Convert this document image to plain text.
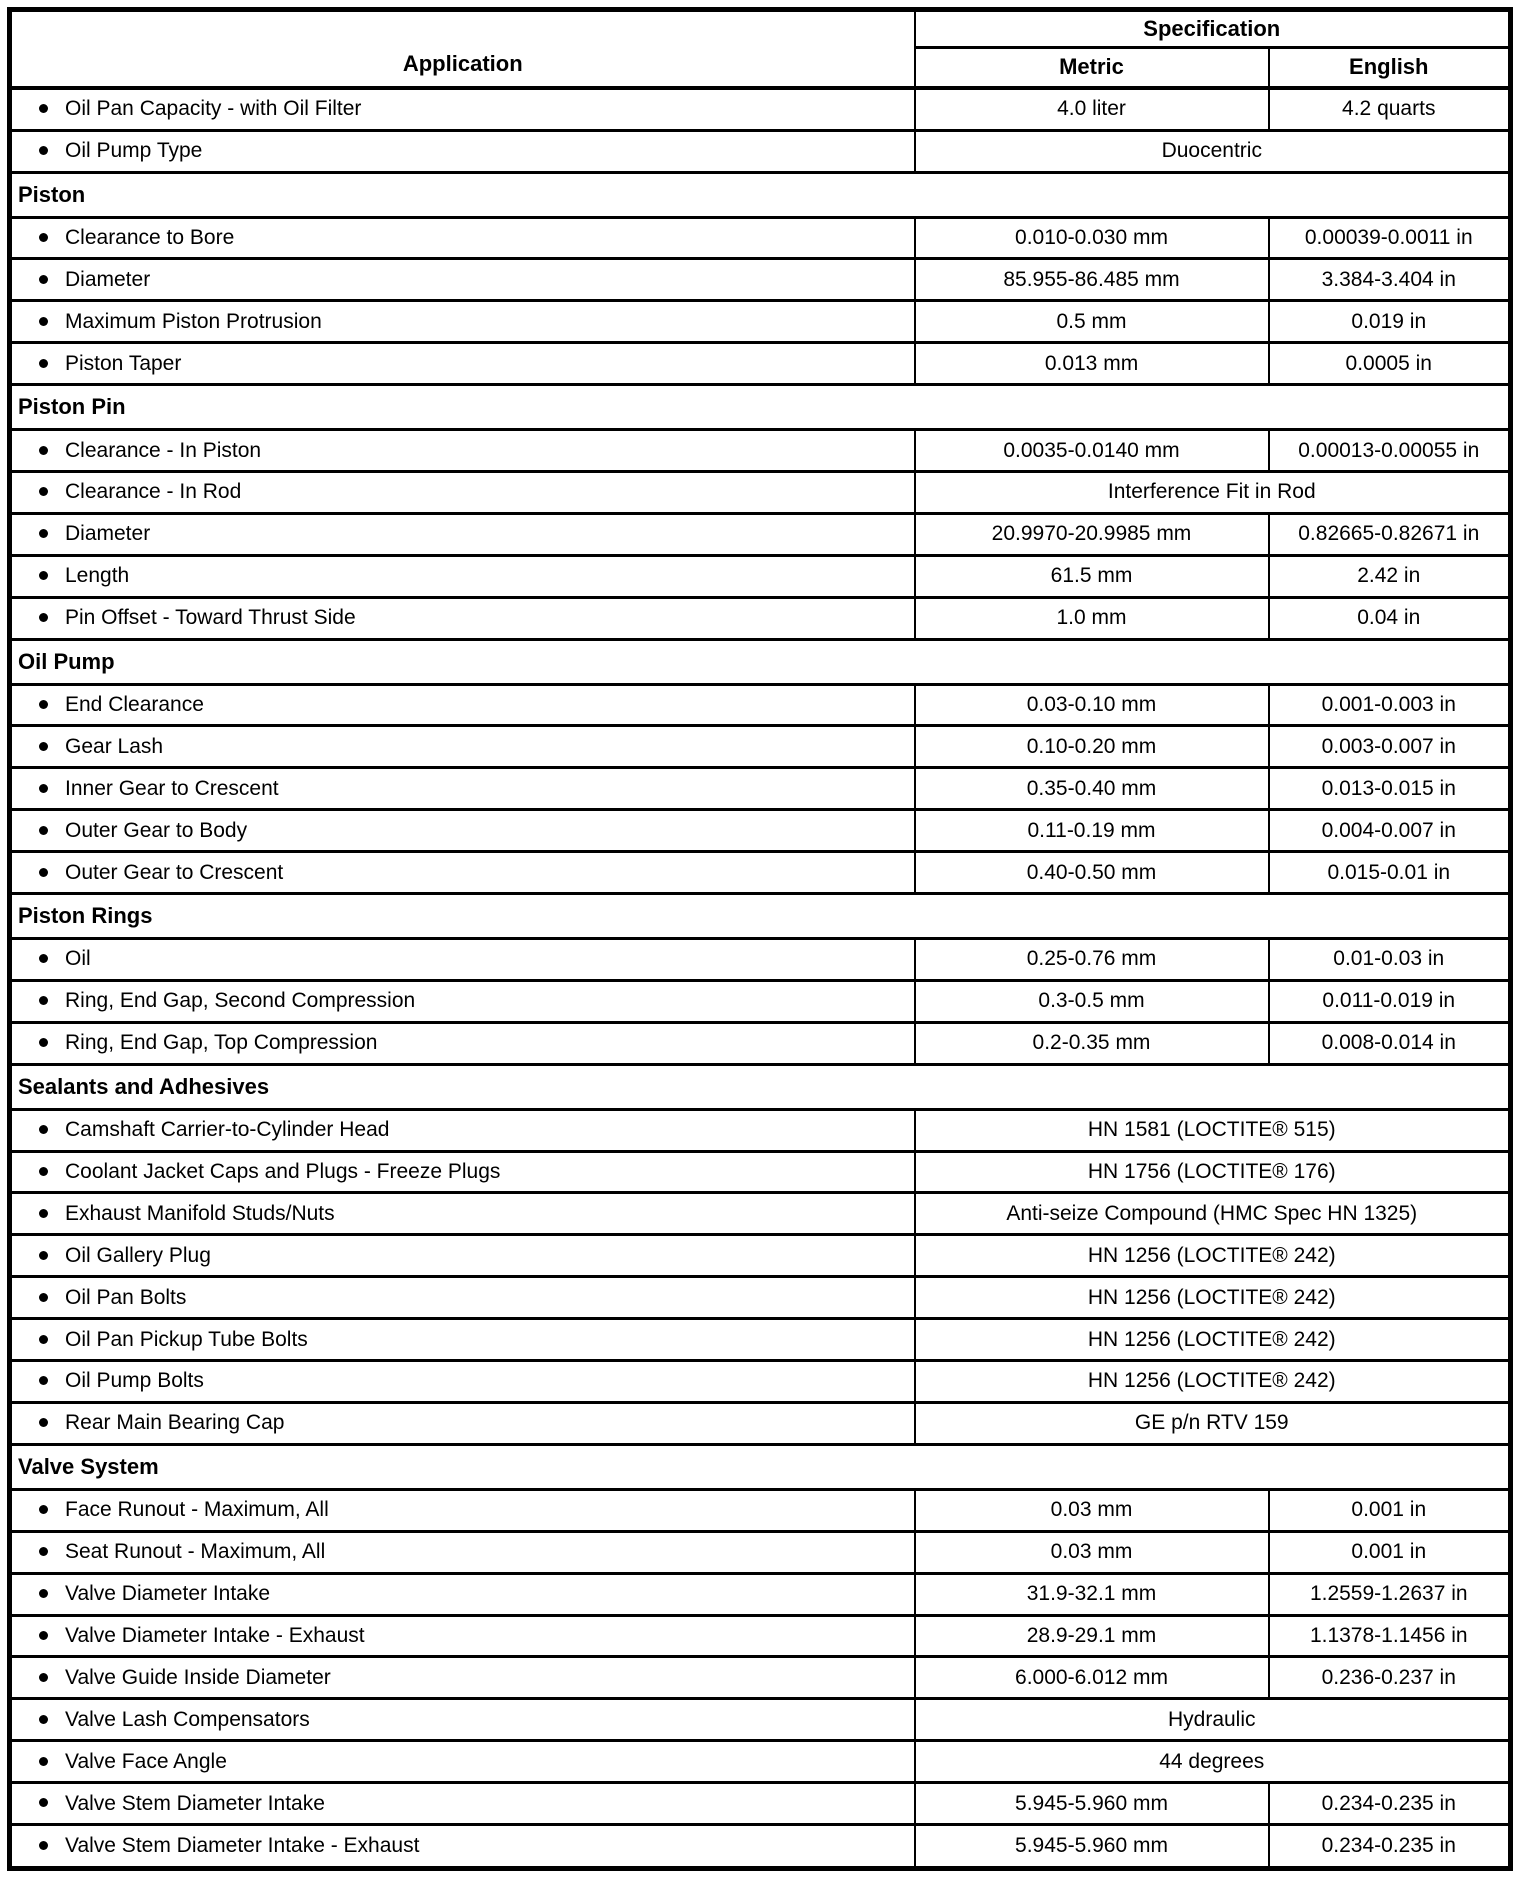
Application	Specification	
	Metric	English
Oil Pan Capacity - with Oil Filter	4.0 liter	4.2 quarts
Oil Pump Type	Duocentric	
Piston		
Clearance to Bore	0.010-0.030 mm	0.00039-0.0011 in
Diameter	85.955-86.485 mm	3.384-3.404 in
Maximum Piston Protrusion	0.5 mm	0.019 in
Piston Taper	0.013 mm	0.0005 in
Piston Pin		
Clearance - In Piston	0.0035-0.0140 mm	0.00013-0.00055 in
Clearance - In Rod	Interference Fit in Rod	
Diameter	20.9970-20.9985 mm	0.82665-0.82671 in
Length	61.5 mm	2.42 in
Pin Offset - Toward Thrust Side	1.0 mm	0.04 in
Oil Pump		
End Clearance	0.03-0.10 mm	0.001-0.003 in
Gear Lash	0.10-0.20 mm	0.003-0.007 in
Inner Gear to Crescent	0.35-0.40 mm	0.013-0.015 in
Outer Gear to Body	0.11-0.19 mm	0.004-0.007 in
Outer Gear to Crescent	0.40-0.50 mm	0.015-0.01 in
Piston Rings		
Oil	0.25-0.76 mm	0.01-0.03 in
Ring, End Gap, Second Compression	0.3-0.5 mm	0.011-0.019 in
Ring, End Gap, Top Compression	0.2-0.35 mm	0.008-0.014 in
Sealants and Adhesives		
Camshaft Carrier-to-Cylinder Head	HN 1581 (LOCTITE® 515)	
Coolant Jacket Caps and Plugs - Freeze Plugs	HN 1756 (LOCTITE® 176)	
Exhaust Manifold Studs/Nuts	Anti-seize Compound (HMC Spec HN 1325)	
Oil Gallery Plug	HN 1256 (LOCTITE® 242)	
Oil Pan Bolts	HN 1256 (LOCTITE® 242)	
Oil Pan Pickup Tube Bolts	HN 1256 (LOCTITE® 242)	
Oil Pump Bolts	HN 1256 (LOCTITE® 242)	
Rear Main Bearing Cap	GE p/n RTV 159	
Valve System		
Face Runout - Maximum, All	0.03 mm	0.001 in
Seat Runout - Maximum, All	0.03 mm	0.001 in
Valve Diameter Intake	31.9-32.1 mm	1.2559-1.2637 in
Valve Diameter Intake - Exhaust	28.9-29.1 mm	1.1378-1.1456 in
Valve Guide Inside Diameter	6.000-6.012 mm	0.236-0.237 in
Valve Lash Compensators	Hydraulic	
Valve Face Angle	44 degrees	
Valve Stem Diameter Intake	5.945-5.960 mm	0.234-0.235 in
Valve Stem Diameter Intake - Exhaust	5.945-5.960 mm	0.234-0.235 in
